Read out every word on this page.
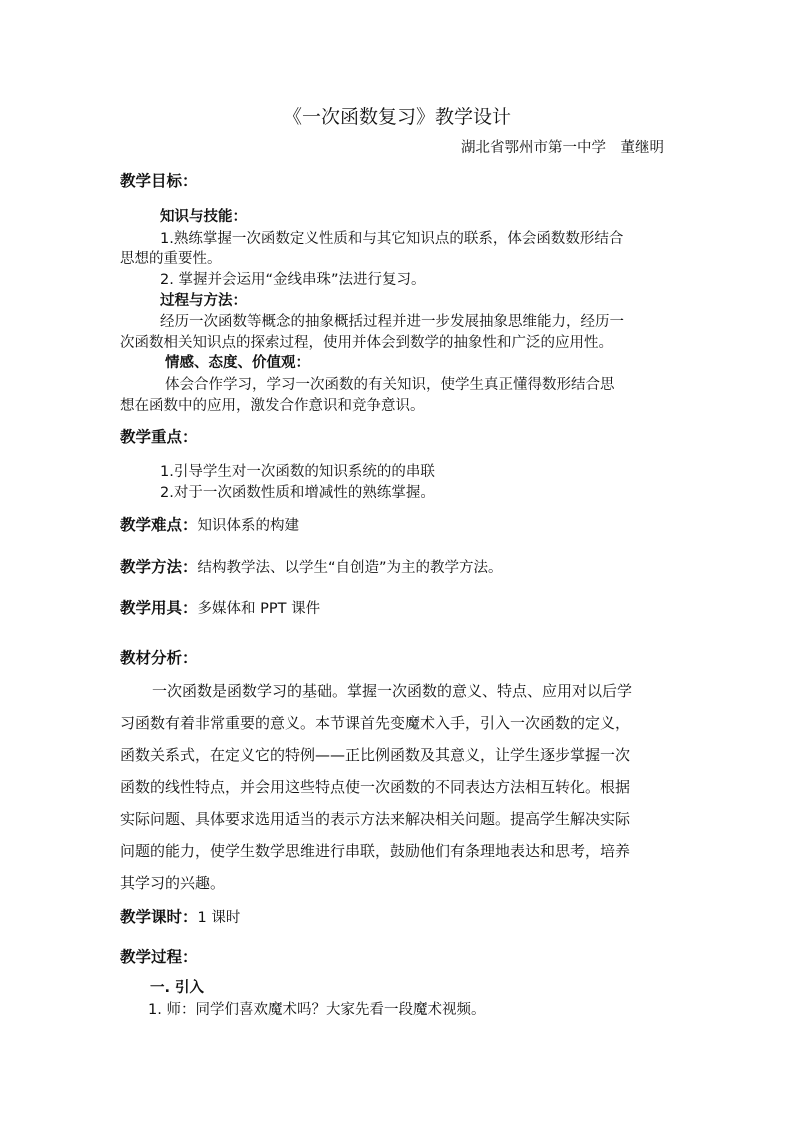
《一次函数复习》教学设计
湖北省鄂州市第一中学　董继明
教学目标：
知识与技能：
1.熟练掌握一次函数定义性质和与其它知识点的联系，体会函数数形结合
思想的重要性。
2. 掌握并会运用“金线串珠”法进行复习。
过程与方法：
经历一次函数等概念的抽象概括过程并进一步发展抽象思维能力，经历一
次函数相关知识点的探索过程，使用并体会到数学的抽象性和广泛的应用性。
情感、态度、价值观：
体会合作学习，学习一次函数的有关知识，使学生真正懂得数形结合思
想在函数中的应用，激发合作意识和竞争意识。
教学重点：
1.引导学生对一次函数的知识系统的的串联
2.对于一次函数性质和增减性的熟练掌握。
教学难点：知识体系的构建
教学方法：结构教学法、以学生“自创造”为主的教学方法。
教学用具：多媒体和 PPT 课件
教材分析：
一次函数是函数学习的基础。掌握一次函数的意义、特点、应用对以后学
习函数有着非常重要的意义。本节课首先变魔术入手，引入一次函数的定义，
函数关系式，在定义它的特例——正比例函数及其意义，让学生逐步掌握一次
函数的线性特点，并会用这些特点使一次函数的不同表达方法相互转化。根据
实际问题、具体要求选用适当的表示方法来解决相关问题。提高学生解决实际
问题的能力，使学生数学思维进行串联，鼓励他们有条理地表达和思考，培养
其学习的兴趣。
教学课时：1 课时
教学过程：
一. 引入
1. 师：同学们喜欢魔术吗？大家先看一段魔术视频。
